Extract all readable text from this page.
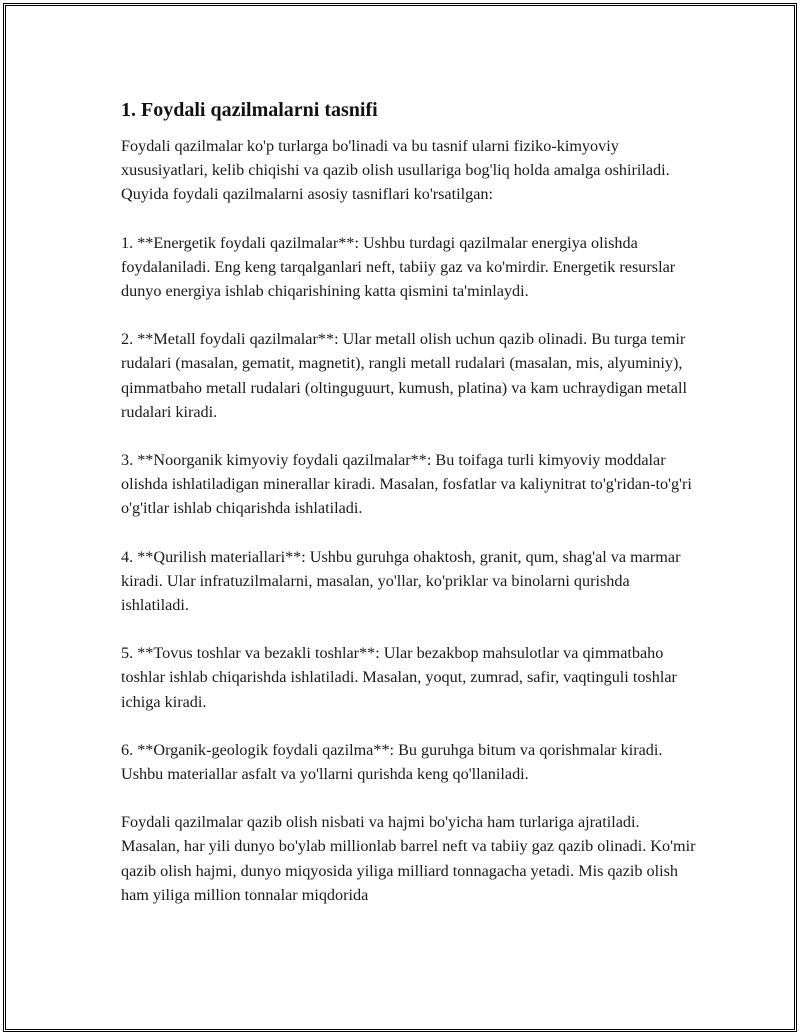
1. Foydali qazilmalarni tasnifi

Foydali qazilmalar ko'p turlarga bo'linadi va bu tasnif ularni fiziko-kimyoviy xususiyatlari, kelib chiqishi va qazib olish usullariga bog'liq holda amalga oshiriladi. Quyida foydali qazilmalarni asosiy tasniflari ko'rsatilgan:

1. **Energetik foydali qazilmalar**: Ushbu turdagi qazilmalar energiya olishda foydalaniladi. Eng keng tarqalganlari neft, tabiiy gaz va ko'mirdir. Energetik resurslar dunyo energiya ishlab chiqarishining katta qismini ta'minlaydi.

2. **Metall foydali qazilmalar**: Ular metall olish uchun qazib olinadi. Bu turga temir rudalari (masalan, gematit, magnetit), rangli metall rudalari (masalan, mis, alyuminiy), qimmatbaho metall rudalari (oltinguguurt, kumush, platina) va kam uchraydigan metall rudalari kiradi.

3. **Noorganik kimyoviy foydali qazilmalar**: Bu toifaga turli kimyoviy moddalar olishda ishlatiladigan minerallar kiradi. Masalan, fosfatlar va kaliynitrat to'g'ridan-to'g'ri o'g'itlar ishlab chiqarishda ishlatiladi.

4. **Qurilish materiallari**: Ushbu guruhga ohaktosh, granit, qum, shag'al va marmar kiradi. Ular infratuzilmalarni, masalan, yo'llar, ko'priklar va binolarni qurishda ishlatiladi.

5. **Tovus toshlar va bezakli toshlar**: Ular bezakbop mahsulotlar va qimmatbaho toshlar ishlab chiqarishda ishlatiladi. Masalan, yoqut, zumrad, safir, vaqtinguli toshlar ichiga kiradi.

6. **Organik-geologik foydali qazilma**: Bu guruhga bitum va qorishmalar kiradi. Ushbu materiallar asfalt va yo'llarni qurishda keng qo'llaniladi.

Foydali qazilmalar qazib olish nisbati va hajmi bo'yicha ham turlariga ajratiladi. Masalan, har yili dunyo bo'ylab millionlab barrel neft va tabiiy gaz qazib olinadi. Ko'mir qazib olish hajmi, dunyo miqyosida yiliga milliard tonnagacha yetadi. Mis qazib olish ham yiliga million tonnalar miqdorida
